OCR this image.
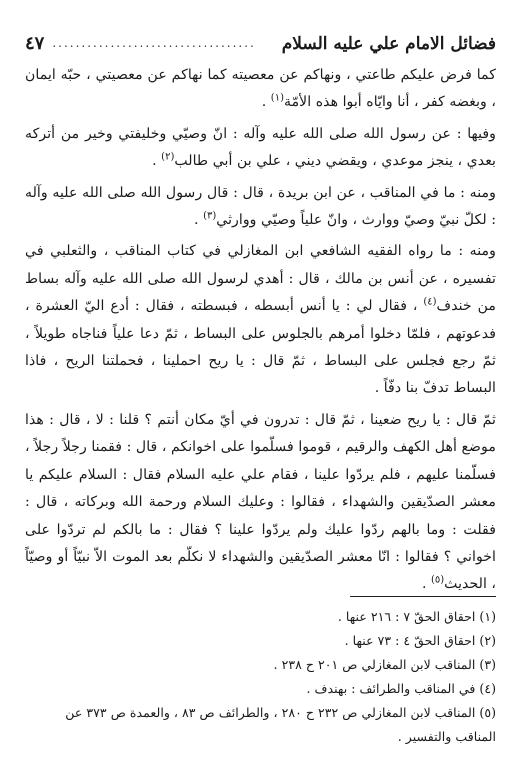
فضائل الامام علي عليه السلام
...................................
٤٧

كما فرض عليكم طاعتي ، ونهاكم عن معصيته كما نهاكم عن معصيتي ، حبّه ايمان ، وبغضه كفر ، أنا وايّاه أبوا هذه الأمّة$^{(١)}$ .

وفيها : عن رسول الله صلى الله عليه وآله : انّ وصيّي وخليفتي وخير من أتركه بعدي ، ينجز موعدي ، ويقضي ديني ، علي بن أبي طالب$^{(٢)}$ .

ومنه : ما في المناقب ، عن ابن بريدة ، قال : قال رسول الله صلى الله عليه وآله : لكلّ نبيّ وصيّ ووارث ، وانّ علياً وصيّي ووارثي$^{(٣)}$ .

ومنه : ما رواه الفقيه الشافعي ابن المغازلي في كتاب المناقب ، والثعلبي في تفسيره ، عن أنس بن مالك ، قال : أهدي لرسول الله صلى الله عليه وآله بساط من خندف$^{(٤)}$ ، فقال لي : يا أنس أبسطه ، فبسطته ، فقال : أدع اليّ العشرة ، فدعوتهم ، فلمّا دخلوا أمرهم بالجلوس على البساط ، ثمّ دعا علياً فناجاه طويلاً ، ثمّ رجع فجلس على البساط ، ثمّ قال : يا ريح احملينا ، فحملتنا الريح ، فاذا البساط تدفّ بنا دفّاً .

ثمّ قال : يا ريح ضعينا ، ثمّ قال : تدرون في أيّ مكان أنتم ؟ قلنا : لا ، قال : هذا موضع أهل الكهف والرقيم ، قوموا فسلّموا على اخوانكم ، قال : فقمنا رجلاً رجلاً ، فسلّمنا عليهم ، فلم يردّوا علينا ، فقام علي عليه السلام فقال : السلام عليكم يا معشر الصدّيقين والشهداء ، فقالوا : وعليك السلام ورحمة الله وبركاته ، قال : فقلت : وما بالهم ردّوا عليك ولم يردّوا علينا ؟ فقال : ما بالكم لم تردّوا على اخواني ؟ فقالوا : انّا معشر الصدّيقين والشهداء لا نكلّم بعد الموت الاّ نبيّاً أو وصيّاً ، الحديث$^{(٥)}$ .

(١) احقاق الحقّ ٧ : ٢١٦ عنها .

(٢) احقاق الحقّ ٤ : ٧٣ عنها .

(٣) المناقب لابن المغازلي ص ٢٠١ ح ٢٣٨ .

(٤) في المناقب والطرائف : بهندف .

(٥) المناقب لابن المغازلي ص ٢٣٢ ح ٢٨٠ ، والطرائف ص ٨٣ ، والعمدة ص ٣٧٣ عن المناقب والتفسير .
